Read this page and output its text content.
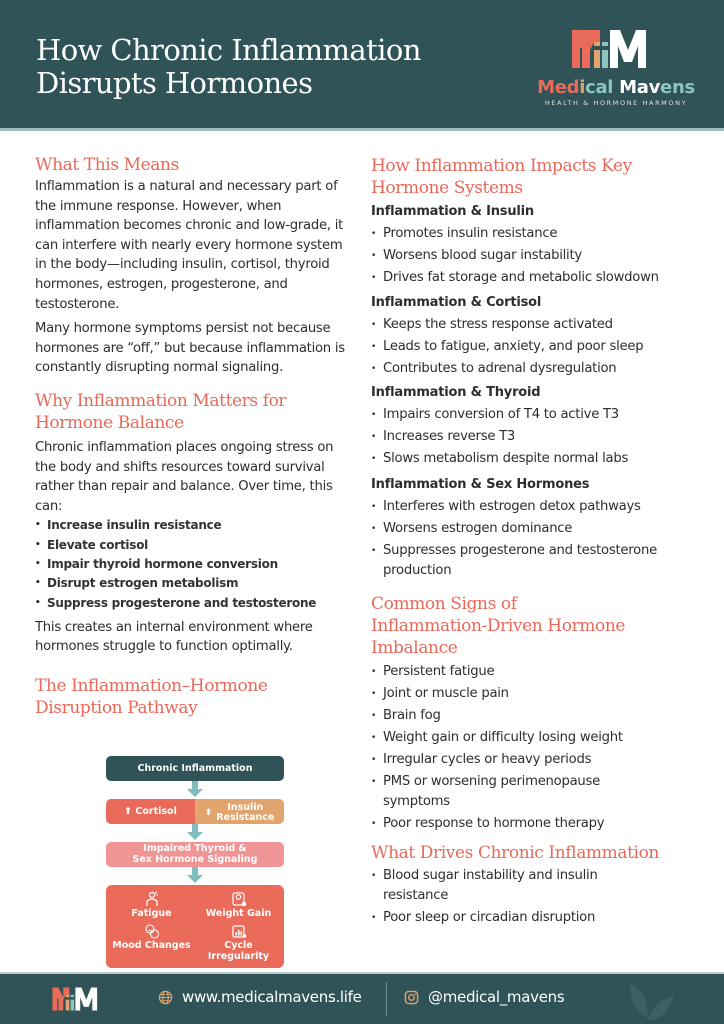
How Chronic Inflammation
Disrupts Hormones	Medical Mavens
HEALTH & HORMONE HARMONY
What This Means

Inflammation is a natural and necessary part of the immune response. However, when inflammation becomes chronic and low-grade, it can interfere with nearly every hormone system in the body—including insulin, cortisol, thyroid hormones, estrogen, progesterone, and testosterone.

Many hormone symptoms persist not because hormones are “off,” but because inflammation is constantly disrupting normal signaling.

Why Inflammation Matters for
Hormone Balance

Chronic inflammation places ongoing stress on the body and shifts resources toward survival rather than repair and balance. Over time, this can:

• Increase insulin resistance
• Elevate cortisol
• Impair thyroid hormone conversion
• Disrupt estrogen metabolism
• Suppress progesterone and testosterone

This creates an internal environment where hormones struggle to function optimally.

The Inflammation–Hormone
Disruption Pathway
Chronic Inflammation
⬆ Cortisol	⬆	Insulin
Resistance
Impaired Thyroid &
Sex Hormone Signaling
Fatigue	Weight Gain
Mood Changes	Cycle Irregularity
How Inflammation Impacts Key
Hormone Systems
Inflammation & Insulin
• Promotes insulin resistance
• Worsens blood sugar instability
• Drives fat storage and metabolic slowdown
Inflammation & Cortisol
• Keeps the stress response activated
• Leads to fatigue, anxiety, and poor sleep
• Contributes to adrenal dysregulation
Inflammation & Thyroid
• Impairs conversion of T4 to active T3
• Increases reverse T3
• Slows metabolism despite normal labs
Inflammation & Sex Hormones
• Interferes with estrogen detox pathways
• Worsens estrogen dominance
• Suppresses progesterone and testosterone production
Common Signs of
Inflammation-Driven Hormone
Imbalance
• Persistent fatigue
• Joint or muscle pain
• Brain fog
• Weight gain or difficulty losing weight
• Irregular cycles or heavy periods
• PMS or worsening perimenopause symptoms
• Poor response to hormone therapy
What Drives Chronic Inflammation
• Blood sugar instability and insulin resistance
• Poor sleep or circadian disruption
www.medicalmavens.life	@medical_mavens
